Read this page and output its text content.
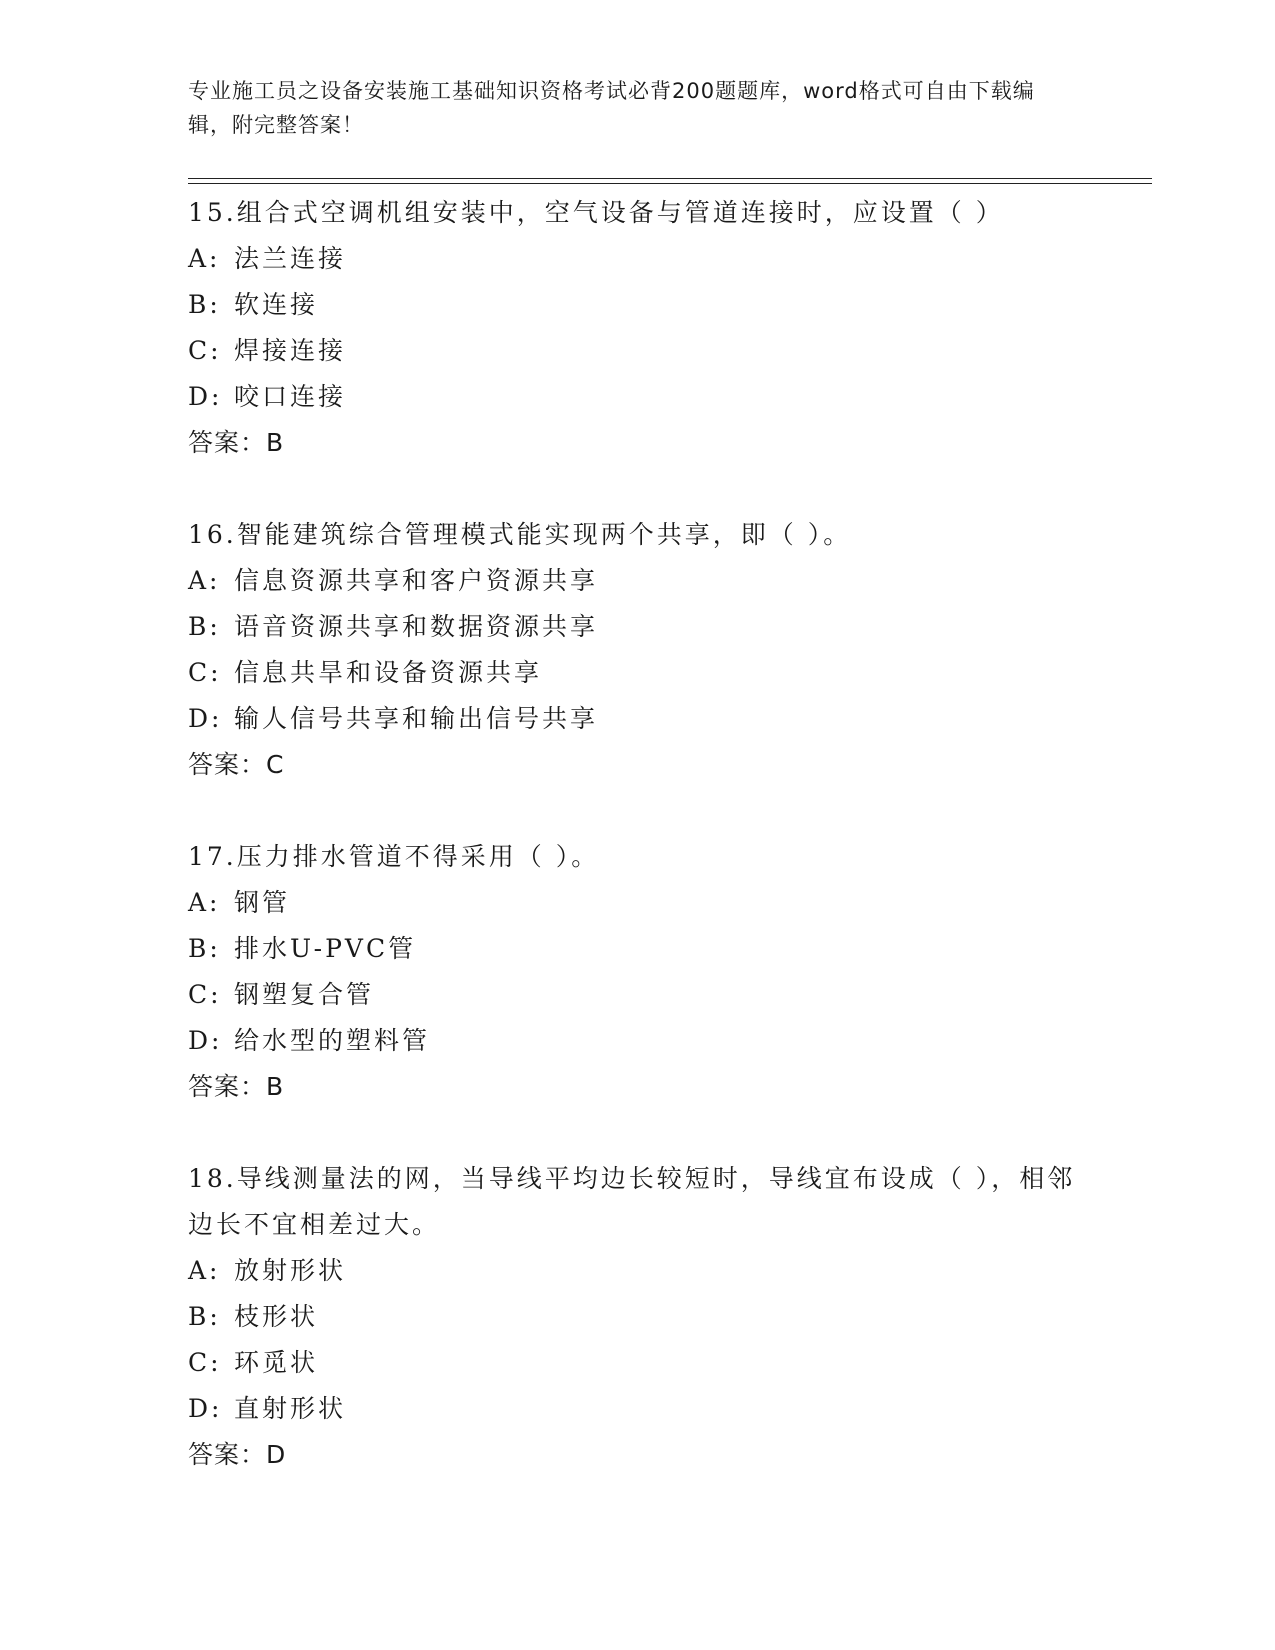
专业施工员之设备安装施工基础知识资格考试必背200题题库，word格式可自由下载编辑，附完整答案！

15.组合式空调机组安装中，空气设备与管道连接时，应设置（ ）

A: 法兰连接

B: 软连接

C: 焊接连接

D: 咬口连接

答案：B

16.智能建筑综合管理模式能实现两个共享，即（ ）。

A: 信息资源共享和客户资源共享

B: 语音资源共享和数据资源共享

C: 信息共旱和设备资源共享

D: 输人信号共享和输出信号共享

答案：C

17.压力排水管道不得采用（ ）。

A: 钢管

B: 排水U-PVC管

C: 钢塑复合管

D: 给水型的塑料管

答案：B

18.导线测量法的网，当导线平均边长较短时，导线宜布设成（ ），相邻边长不宜相差过大。

A: 放射形状

B: 枝形状

C: 环觅状

D: 直射形状

答案：D
